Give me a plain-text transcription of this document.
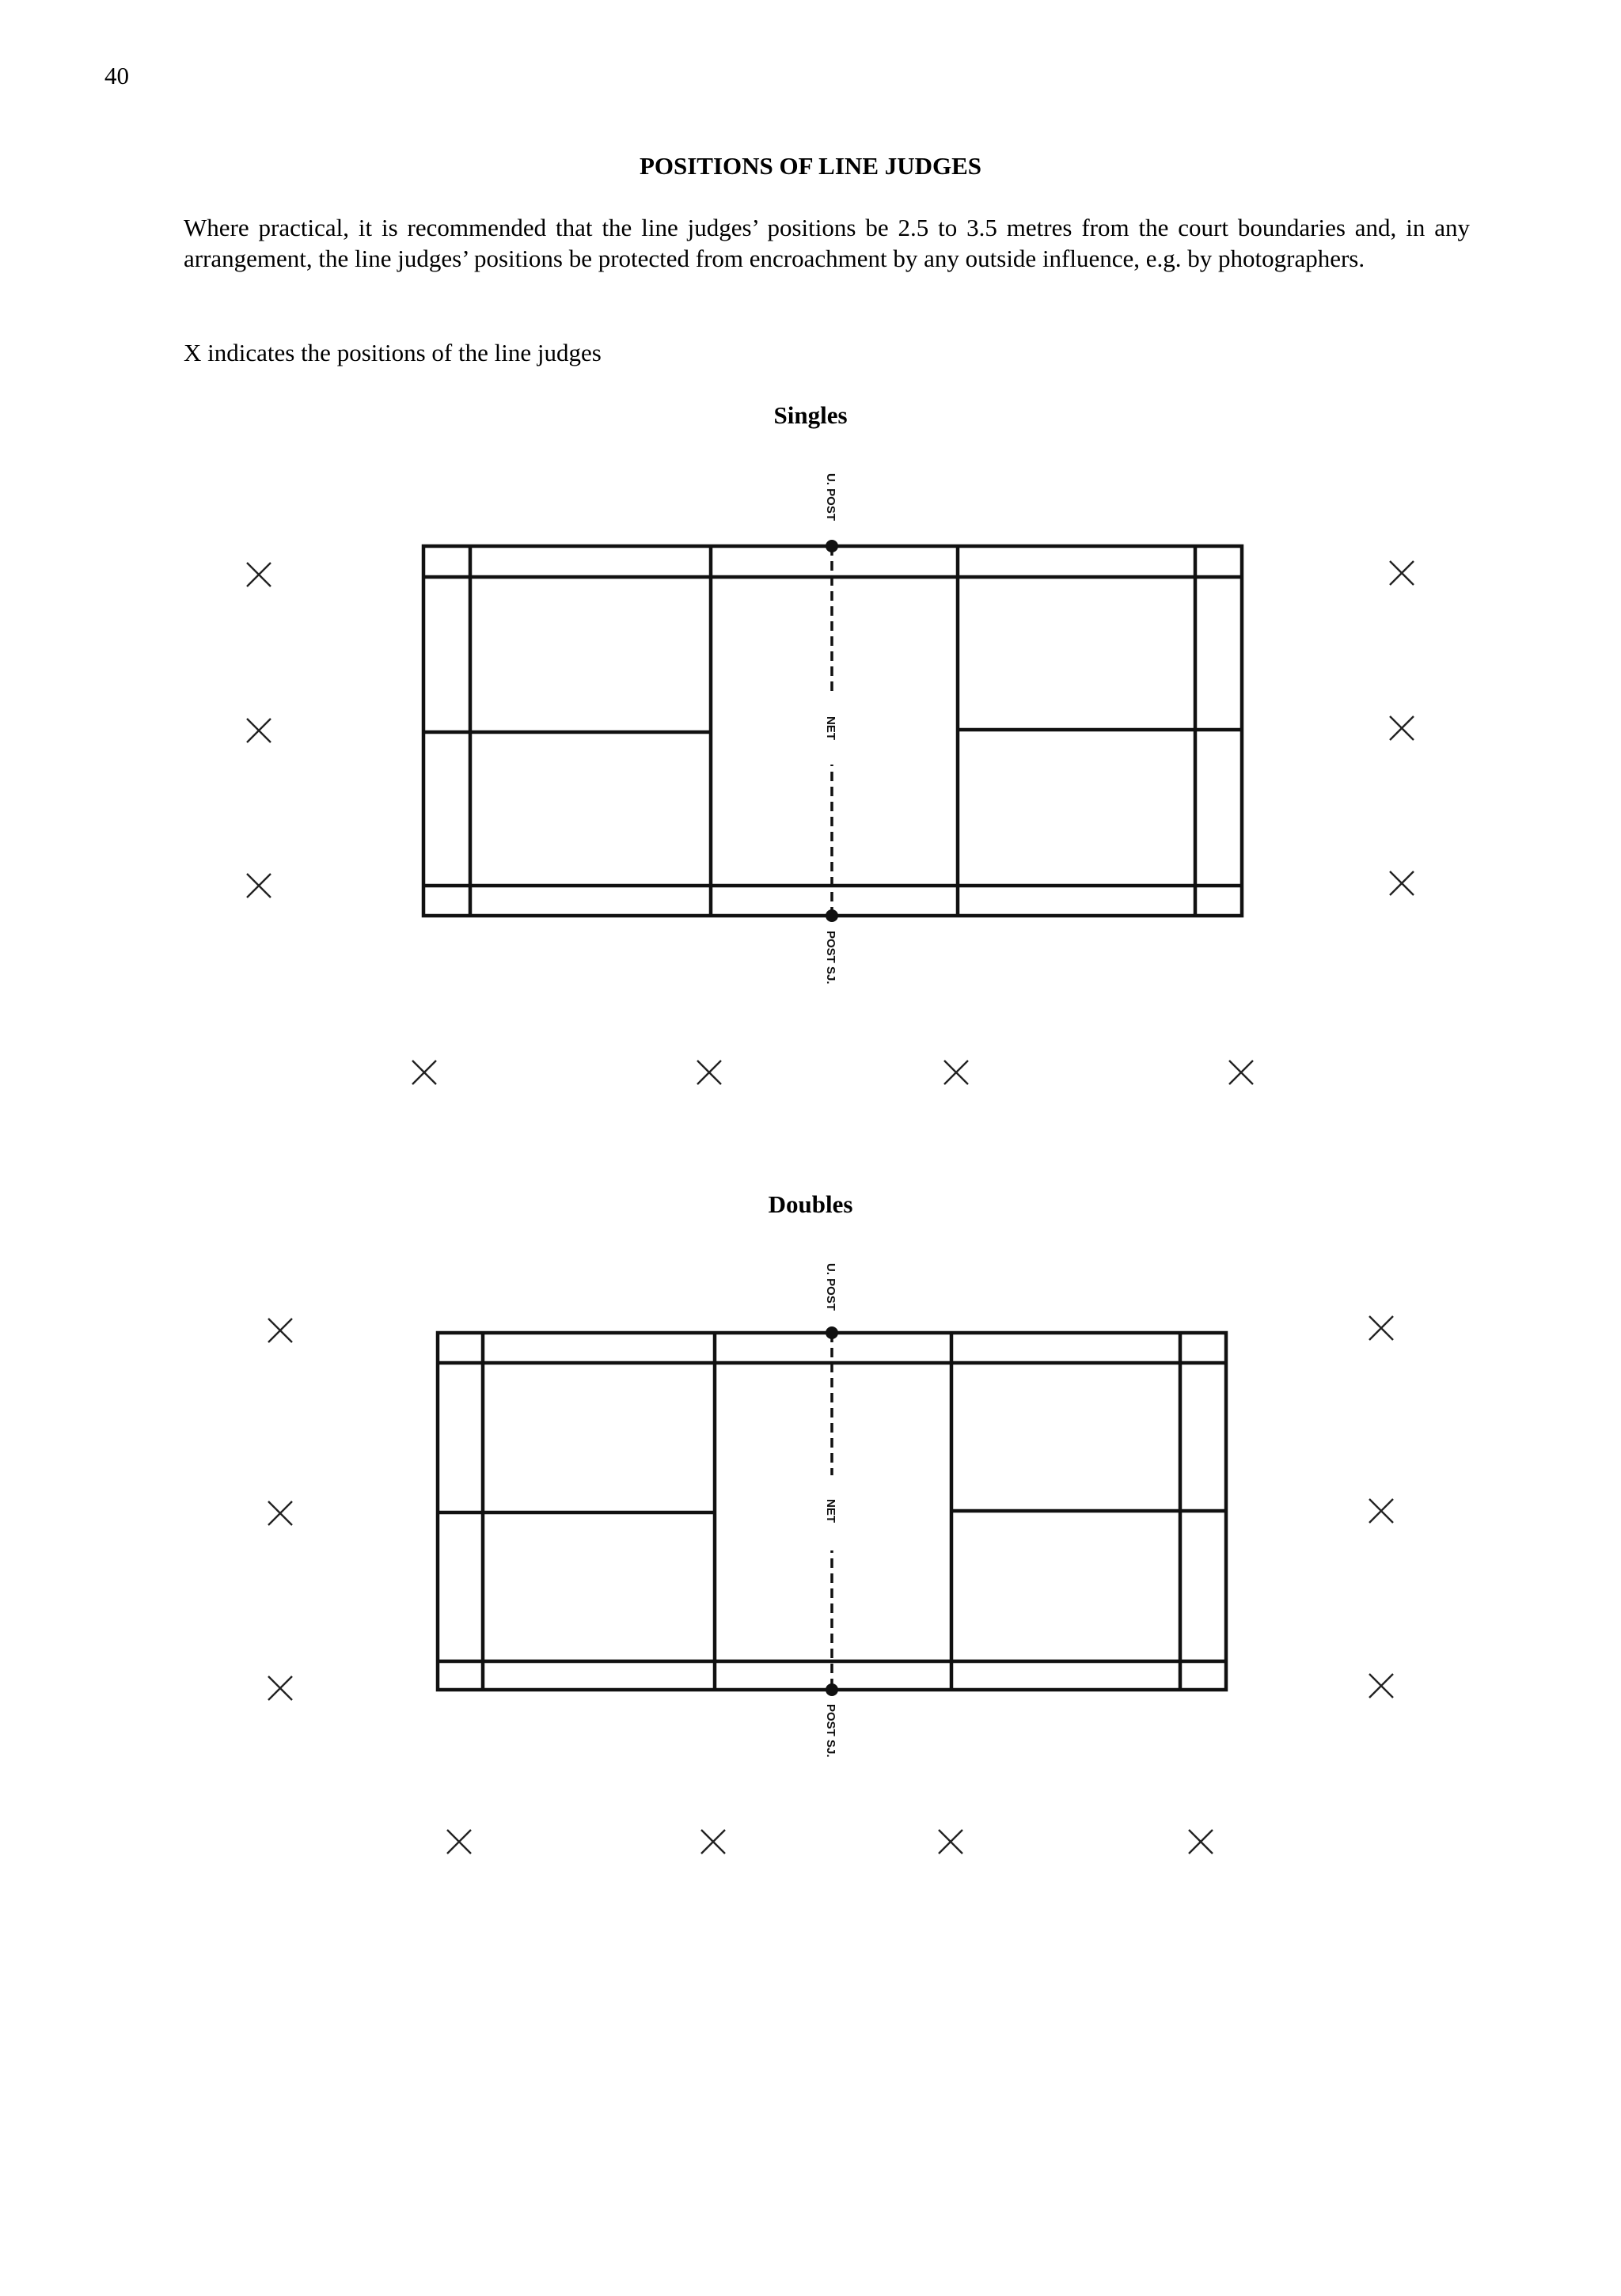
40
POSITIONS OF LINE JUDGES
Where practical, it is recommended that the line judges’ positions be 2.5 to 3.5 metres from the court boundaries and, in any arrangement, the line judges’ positions be protected from encroachment by any outside influence, e.g. by photographers.
X indicates the positions of the line judges
Singles
U. POST
NET
POST SJ.
Doubles
U. POST
NET
POST SJ.
